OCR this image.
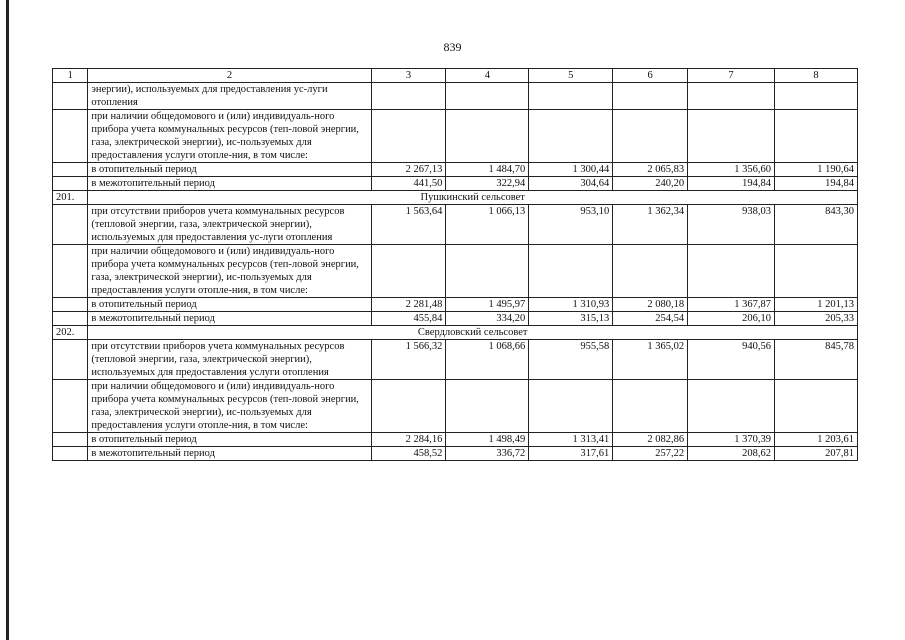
839
1	2	3	4	5	6	7	8
	энергии), используемых для предоставления ус-луги отопления						
	при наличии общедомового и (или) индивидуаль-ного прибора учета коммунальных ресурсов (теп-ловой энергии, газа, электрической энергии), ис-пользуемых для предоставления услуги отопле-ния, в том числе:						
	в отопительный период	2 267,13	1 484,70	1 300,44	2 065,83	1 356,60	1 190,64
	в межотопительный период	441,50	322,94	304,64	240,20	194,84	194,84
201.	Пушкинский сельсовет						
	при отсутствии приборов учета коммунальных ресурсов (тепловой энергии, газа, электрической энергии), используемых для предоставления ус-луги отопления	1 563,64	1 066,13	953,10	1 362,34	938,03	843,30
	при наличии общедомового и (или) индивидуаль-ного прибора учета коммунальных ресурсов (теп-ловой энергии, газа, электрической энергии), ис-пользуемых для предоставления услуги отопле-ния, в том числе:						
	в отопительный период	2 281,48	1 495,97	1 310,93	2 080,18	1 367,87	1 201,13
	в межотопительный период	455,84	334,20	315,13	254,54	206,10	205,33
202.	Свердловский сельсовет						
	при отсутствии приборов учета коммунальных ресурсов (тепловой энергии, газа, электрической энергии), используемых для предоставления услуги отопления	1 566,32	1 068,66	955,58	1 365,02	940,56	845,78
	при наличии общедомового и (или) индивидуаль-ного прибора учета коммунальных ресурсов (теп-ловой энергии, газа, электрической энергии), ис-пользуемых для предоставления услуги отопле-ния, в том числе:						
	в отопительный период	2 284,16	1 498,49	1 313,41	2 082,86	1 370,39	1 203,61
	в межотопительный период	458,52	336,72	317,61	257,22	208,62	207,81
